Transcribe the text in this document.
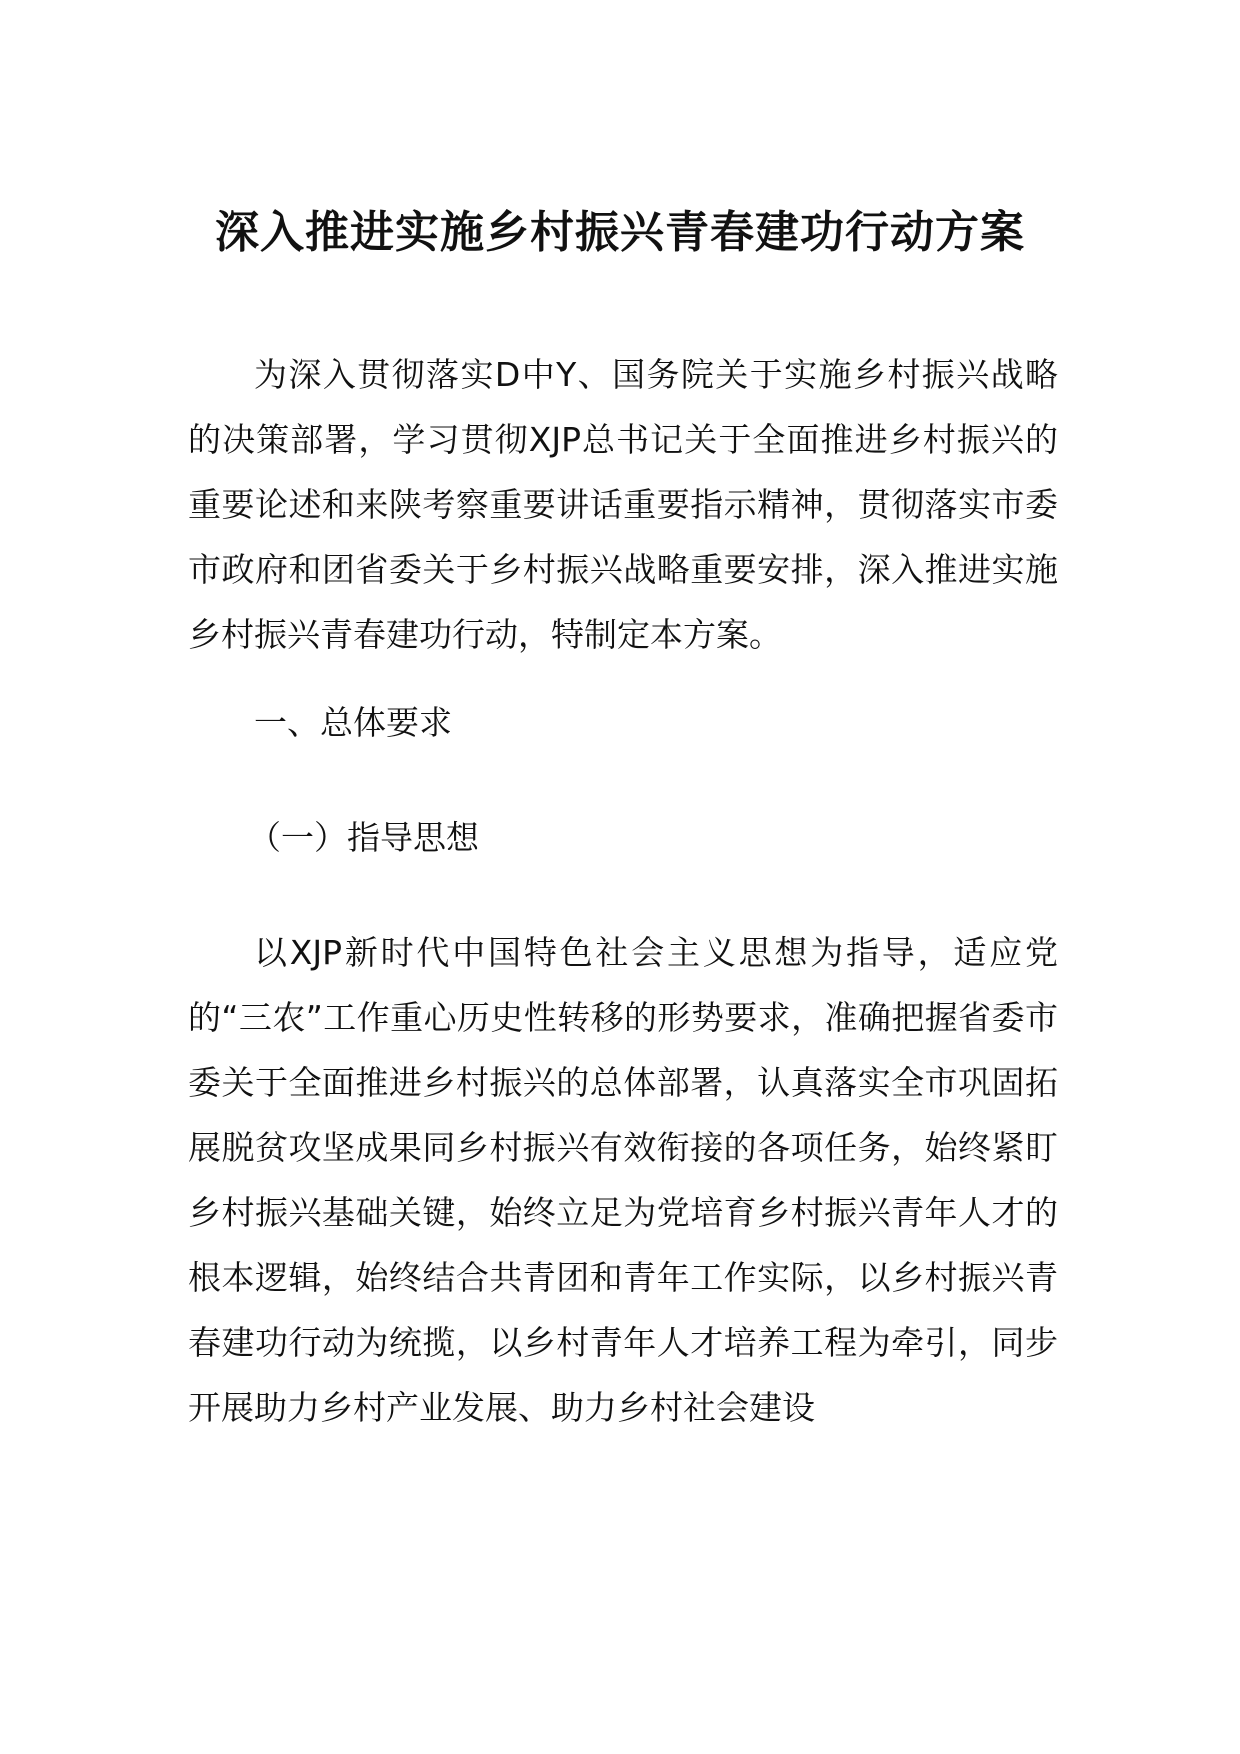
深入推进实施乡村振兴青春建功行动方案

为深入贯彻落实D中Y、国务院关于实施乡村振兴战略的决策部署，学习贯彻XJP总书记关于全面推进乡村振兴的重要论述和来陕考察重要讲话重要指示精神，贯彻落实市委市政府和团省委关于乡村振兴战略重要安排，深入推进实施乡村振兴青春建功行动，特制定本方案。

一、总体要求

（一）指导思想

以XJP新时代中国特色社会主义思想为指导，适应党的“三农”工作重心历史性转移的形势要求，准确把握省委市委关于全面推进乡村振兴的总体部署，认真落实全市巩固拓展脱贫攻坚成果同乡村振兴有效衔接的各项任务，始终紧盯乡村振兴基础关键，始终立足为党培育乡村振兴青年人才的根本逻辑，始终结合共青团和青年工作实际，以乡村振兴青春建功行动为统揽，以乡村青年人才培养工程为牵引，同步开展助力乡村产业发展、助力乡村社会建设
